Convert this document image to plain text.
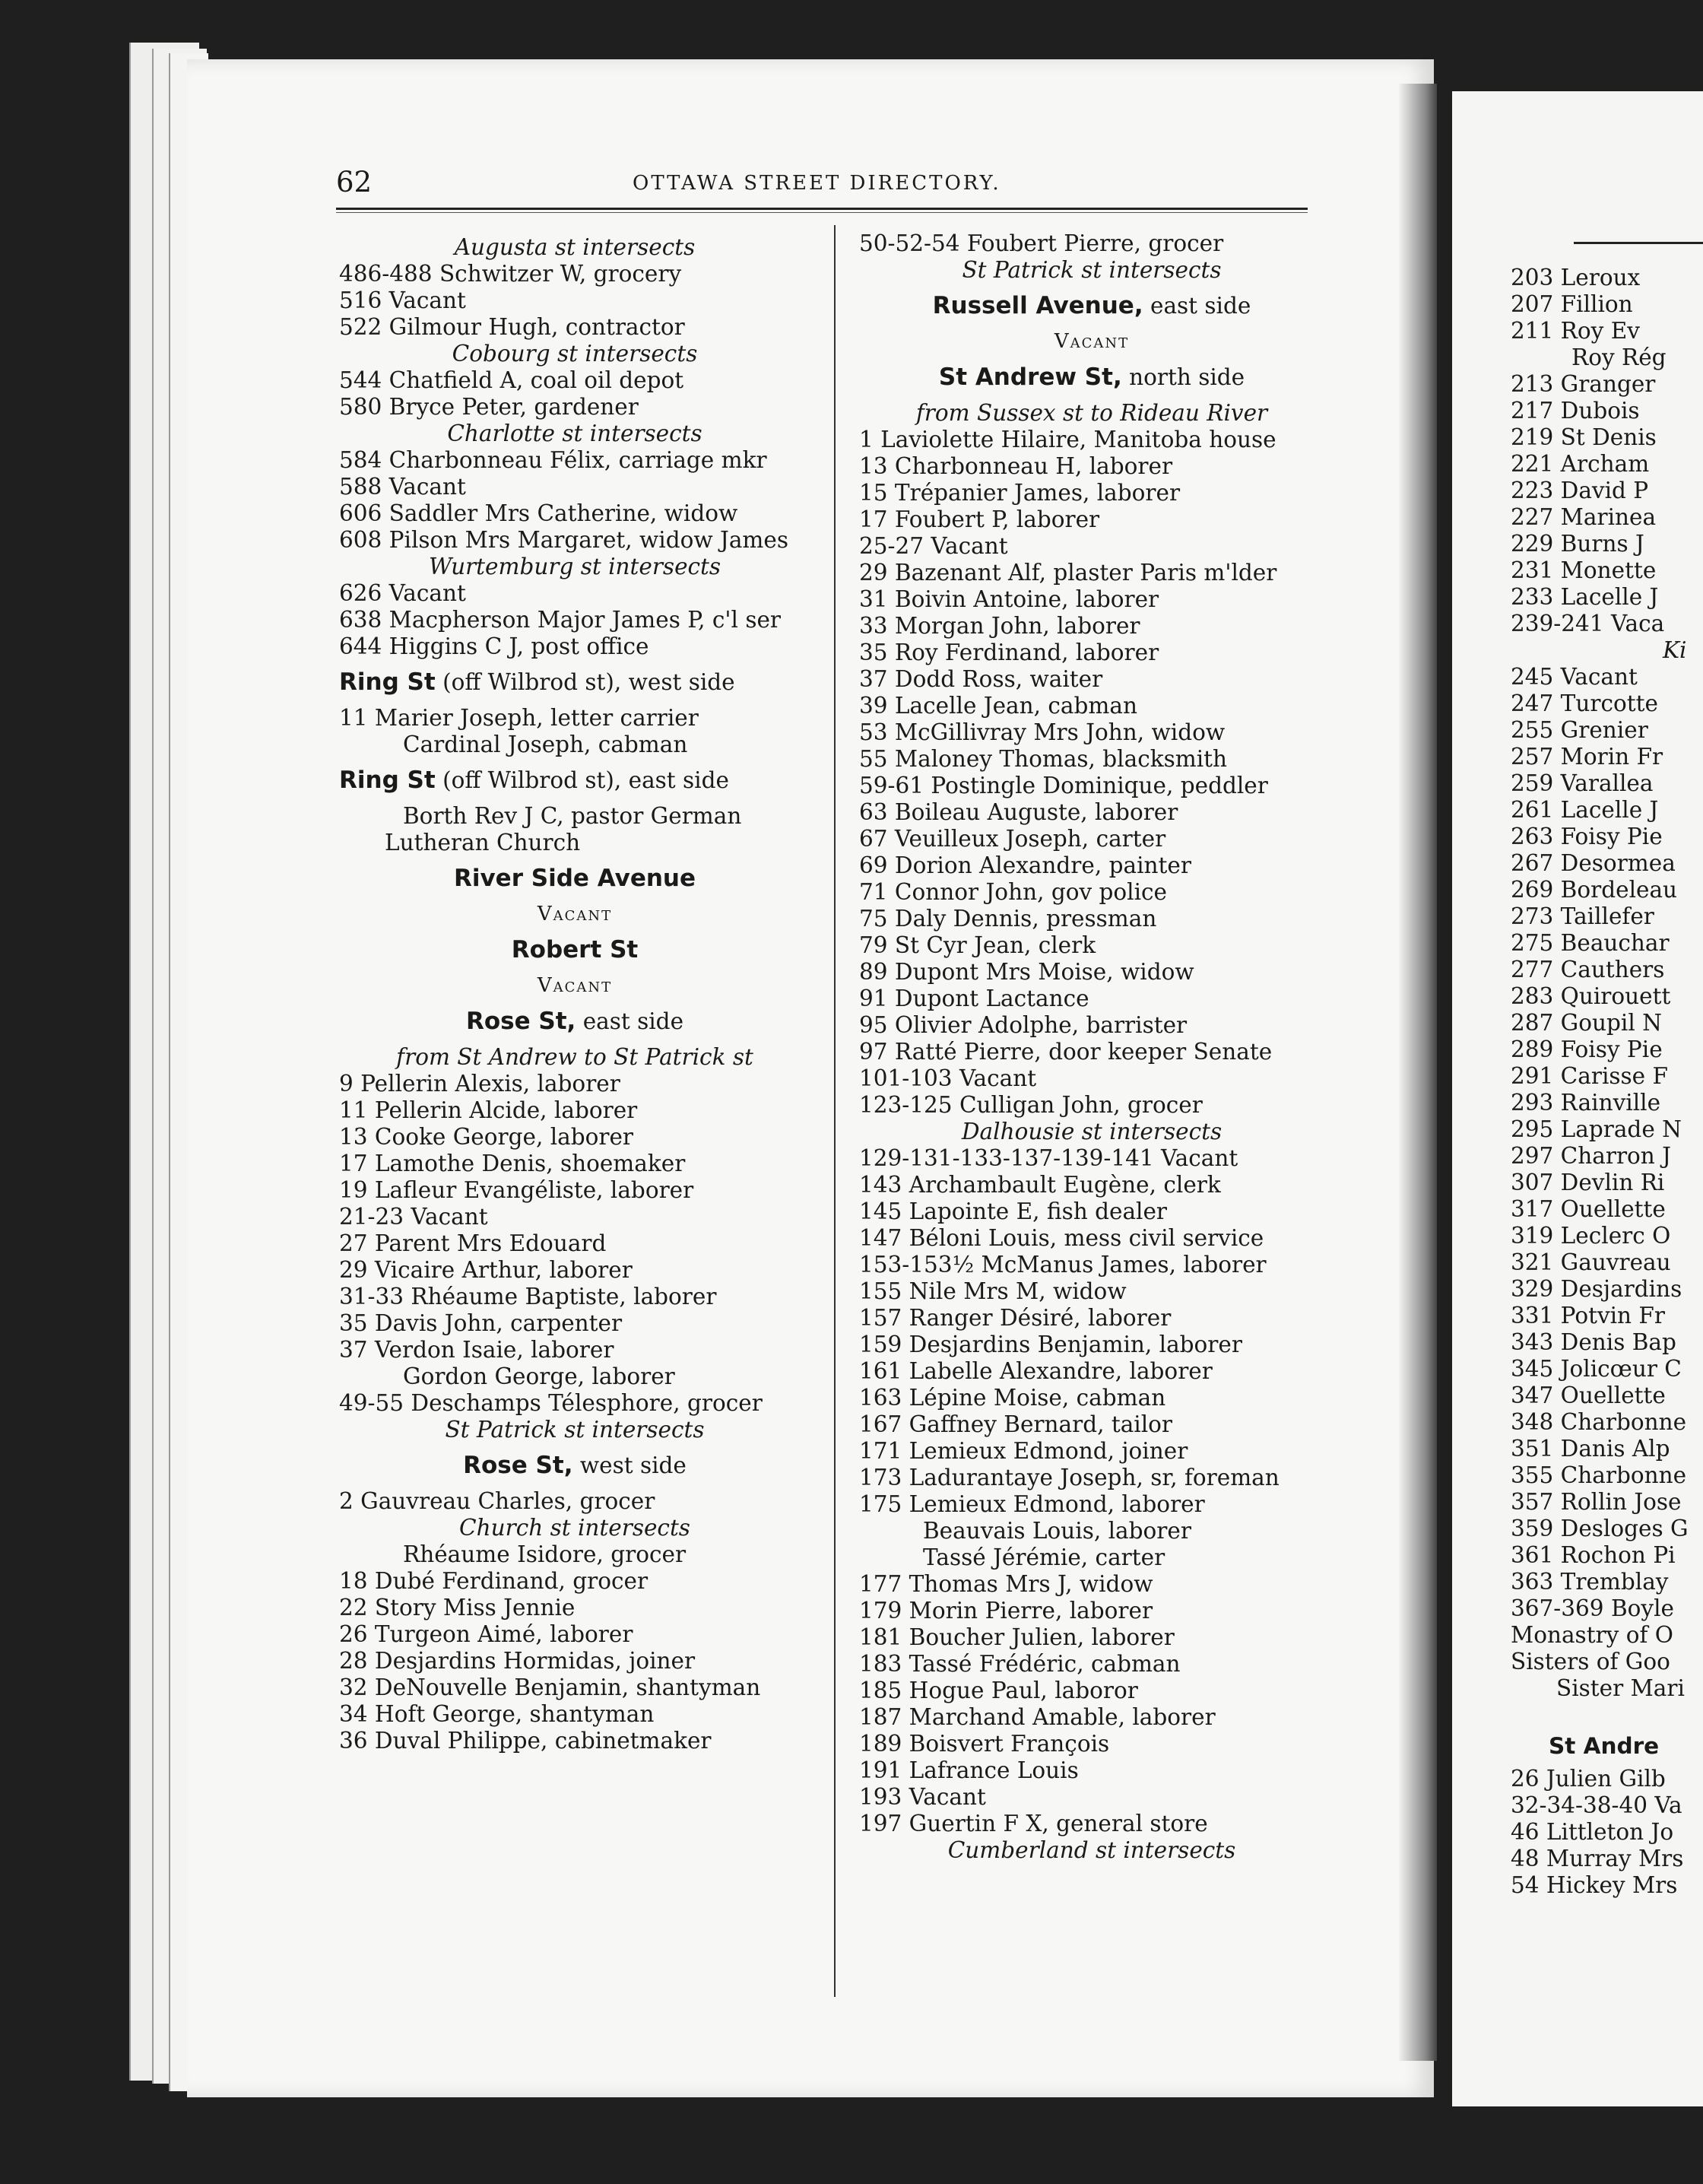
62	OTTAWA STREET DIRECTORY.
Augusta st intersects
486-488 Schwitzer W, grocery
516 Vacant
522 Gilmour Hugh, contractor
Cobourg st intersects
544 Chatfield A, coal oil depot
580 Bryce Peter, gardener
Charlotte st intersects
584 Charbonneau Félix, carriage mkr
588 Vacant
606 Saddler Mrs Catherine, widow
608 Pilson Mrs Margaret, widow James
Wurtemburg st intersects
626 Vacant
638 Macpherson Major James P, c'l ser
644 Higgins C J, post office
Ring St (off Wilbrod st), west side
11 Marier Joseph, letter carrier
Cardinal Joseph, cabman
Ring St (off Wilbrod st), east side
Borth Rev J C, pastor German
Lutheran Church
River Side Avenue
Vacant
Robert St
Vacant
Rose St, east side
from St Andrew to St Patrick st
9 Pellerin Alexis, laborer
11 Pellerin Alcide, laborer
13 Cooke George, laborer
17 Lamothe Denis, shoemaker
19 Lafleur Evangéliste, laborer
21-23 Vacant
27 Parent Mrs Edouard
29 Vicaire Arthur, laborer
31-33 Rhéaume Baptiste, laborer
35 Davis John, carpenter
37 Verdon Isaie, laborer
Gordon George, laborer
49-55 Deschamps Télesphore, grocer
St Patrick st intersects
Rose St, west side
2 Gauvreau Charles, grocer
Church st intersects
Rhéaume Isidore, grocer
18 Dubé Ferdinand, grocer
22 Story Miss Jennie
26 Turgeon Aimé, laborer
28 Desjardins Hormidas, joiner
32 DeNouvelle Benjamin, shantyman
34 Hoft George, shantyman
36 Duval Philippe, cabinetmaker
50-52-54 Foubert Pierre, grocer
St Patrick st intersects
Russell Avenue, east side
Vacant
St Andrew St, north side
from Sussex st to Rideau River
1 Laviolette Hilaire, Manitoba house
13 Charbonneau H, laborer
15 Trépanier James, laborer
17 Foubert P, laborer
25-27 Vacant
29 Bazenant Alf, plaster Paris m'lder
31 Boivin Antoine, laborer
33 Morgan John, laborer
35 Roy Ferdinand, laborer
37 Dodd Ross, waiter
39 Lacelle Jean, cabman
53 McGillivray Mrs John, widow
55 Maloney Thomas, blacksmith
59-61 Postingle Dominique, peddler
63 Boileau Auguste, laborer
67 Veuilleux Joseph, carter
69 Dorion Alexandre, painter
71 Connor John, gov police
75 Daly Dennis, pressman
79 St Cyr Jean, clerk
89 Dupont Mrs Moise, widow
91 Dupont Lactance
95 Olivier Adolphe, barrister
97 Ratté Pierre, door keeper Senate
101-103 Vacant
123-125 Culligan John, grocer
Dalhousie st intersects
129-131-133-137-139-141 Vacant
143 Archambault Eugène, clerk
145 Lapointe E, fish dealer
147 Béloni Louis, mess civil service
153-153½ McManus James, laborer
155 Nile Mrs M, widow
157 Ranger Désiré, laborer
159 Desjardins Benjamin, laborer
161 Labelle Alexandre, laborer
163 Lépine Moise, cabman
167 Gaffney Bernard, tailor
171 Lemieux Edmond, joiner
173 Ladurantaye Joseph, sr, foreman
175 Lemieux Edmond, laborer
Beauvais Louis, laborer
Tassé Jérémie, carter
177 Thomas Mrs J, widow
179 Morin Pierre, laborer
181 Boucher Julien, laborer
183 Tassé Frédéric, cabman
185 Hogue Paul, laboror
187 Marchand Amable, laborer
189 Boisvert François
191 Lafrance Louis
193 Vacant
197 Guertin F X, general store
Cumberland st intersects
203 Leroux
207 Fillion
211 Roy Ev
Roy Rég
213 Granger
217 Dubois
219 St Denis
221 Archam
223 David P
227 Marinea
229 Burns J
231 Monette
233 Lacelle J
239-241 Vaca
Ki
245 Vacant
247 Turcotte
255 Grenier
257 Morin Fr
259 Varallea
261 Lacelle J
263 Foisy Pie
267 Desormea
269 Bordeleau
273 Taillefer
275 Beauchar
277 Cauthers
283 Quirouett
287 Goupil N
289 Foisy Pie
291 Carisse F
293 Rainville
295 Laprade N
297 Charron J
307 Devlin Ri
317 Ouellette
319 Leclerc O
321 Gauvreau
329 Desjardins
331 Potvin Fr
343 Denis Bap
345 Jolicœur C
347 Ouellette
348 Charbonne
351 Danis Alp
355 Charbonne
357 Rollin Jose
359 Desloges G
361 Rochon Pi
363 Tremblay
367-369 Boyle
Monastry of O
Sisters of Goo
Sister Mari
St Andre
26 Julien Gilb
32-34-38-40 Va
46 Littleton Jo
48 Murray Mrs
54 Hickey Mrs
